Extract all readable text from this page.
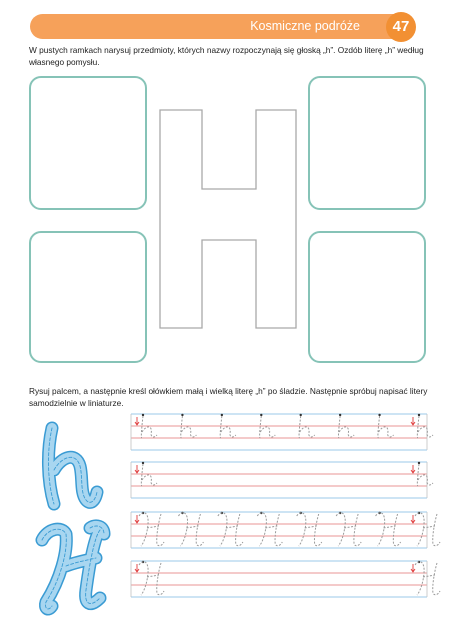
Kosmiczne podróże	47
W pustych ramkach narysuj przedmioty, których nazwy rozpoczynają się głoską „h”. Ozdób literę „h” według własnego pomysłu.
Rysuj palcem, a następnie kreśl ołówkiem małą i wielką literę „h” po śladzie. Następnie spróbuj napisać litery samodzielnie w liniaturze.
